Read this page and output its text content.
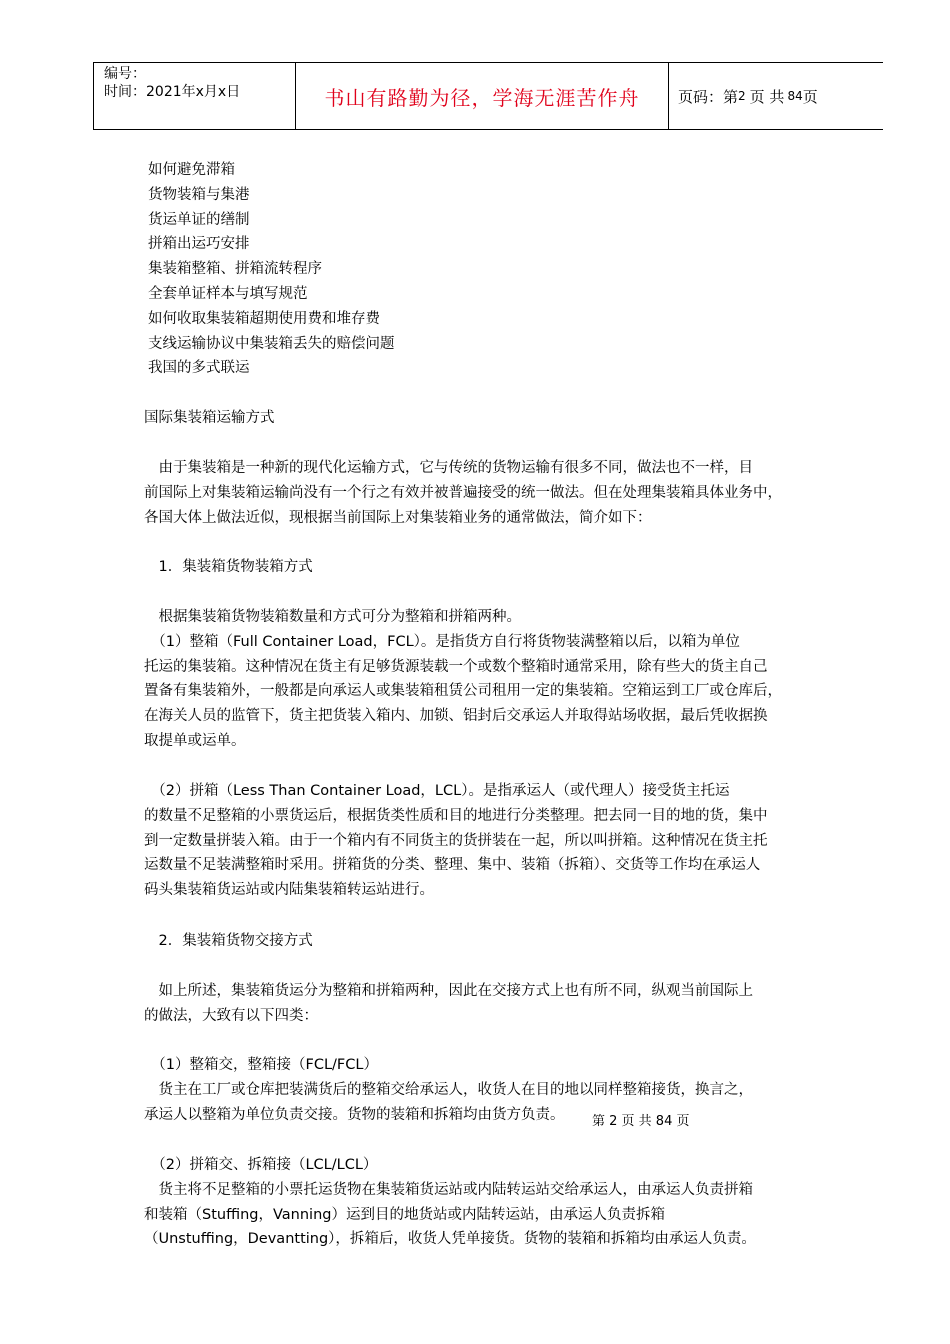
编号：
时间：2021年x月x日	书山有路勤为径，学海无涯苦作舟	页码：第 2 页 共 84 页
如何避免滞箱
货物装箱与集港
货运单证的缮制
拼箱出运巧安排
集装箱整箱、拼箱流转程序
全套单证样本与填写规范
如何收取集装箱超期使用费和堆存费
支线运输协议中集装箱丢失的赔偿问题
我国的多式联运
国际集装箱运输方式
　由于集装箱是一种新的现代化运输方式，它与传统的货物运输有很多不同，做法也不一样，目
前国际上对集装箱运输尚没有一个行之有效并被普遍接受的统一做法。但在处理集装箱具体业务中，
各国大体上做法近似，现根据当前国际上对集装箱业务的通常做法，简介如下：
　1．集装箱货物装箱方式
　根据集装箱货物装箱数量和方式可分为整箱和拼箱两种。
　（1）整箱（Full Container Load，FCL）。是指货方自行将货物装满整箱以后，以箱为单位
托运的集装箱。这种情况在货主有足够货源装载一个或数个整箱时通常采用，除有些大的货主自己
置备有集装箱外，一般都是向承运人或集装箱租赁公司租用一定的集装箱。空箱运到工厂或仓库后，
在海关人员的监管下，货主把货装入箱内、加锁、铝封后交承运人并取得站场收据，最后凭收据换
取提单或运单。
　（2）拼箱（Less Than Container Load，LCL）。是指承运人（或代理人）接受货主托运
的数量不足整箱的小票货运后，根据货类性质和目的地进行分类整理。把去同一目的地的货，集中
到一定数量拼装入箱。由于一个箱内有不同货主的货拼装在一起，所以叫拼箱。这种情况在货主托
运数量不足装满整箱时采用。拼箱货的分类、整理、集中、装箱（拆箱）、交货等工作均在承运人
码头集装箱货运站或内陆集装箱转运站进行。
　2．集装箱货物交接方式
　如上所述，集装箱货运分为整箱和拼箱两种，因此在交接方式上也有所不同，纵观当前国际上
的做法，大致有以下四类：
　（1）整箱交，整箱接（FCL/FCL）
　货主在工厂或仓库把装满货后的整箱交给承运人，收货人在目的地以同样整箱接货，换言之，
承运人以整箱为单位负责交接。货物的装箱和拆箱均由货方负责。	第 2 页 共 84 页
　（2）拼箱交、拆箱接（LCL/LCL）
　货主将不足整箱的小票托运货物在集装箱货运站或内陆转运站交给承运人，由承运人负责拼箱
和装箱（Stuffing，Vanning）运到目的地货站或内陆转运站，由承运人负责拆箱
（Unstuffing，Devantting），拆箱后，收货人凭单接货。货物的装箱和拆箱均由承运人负责。
